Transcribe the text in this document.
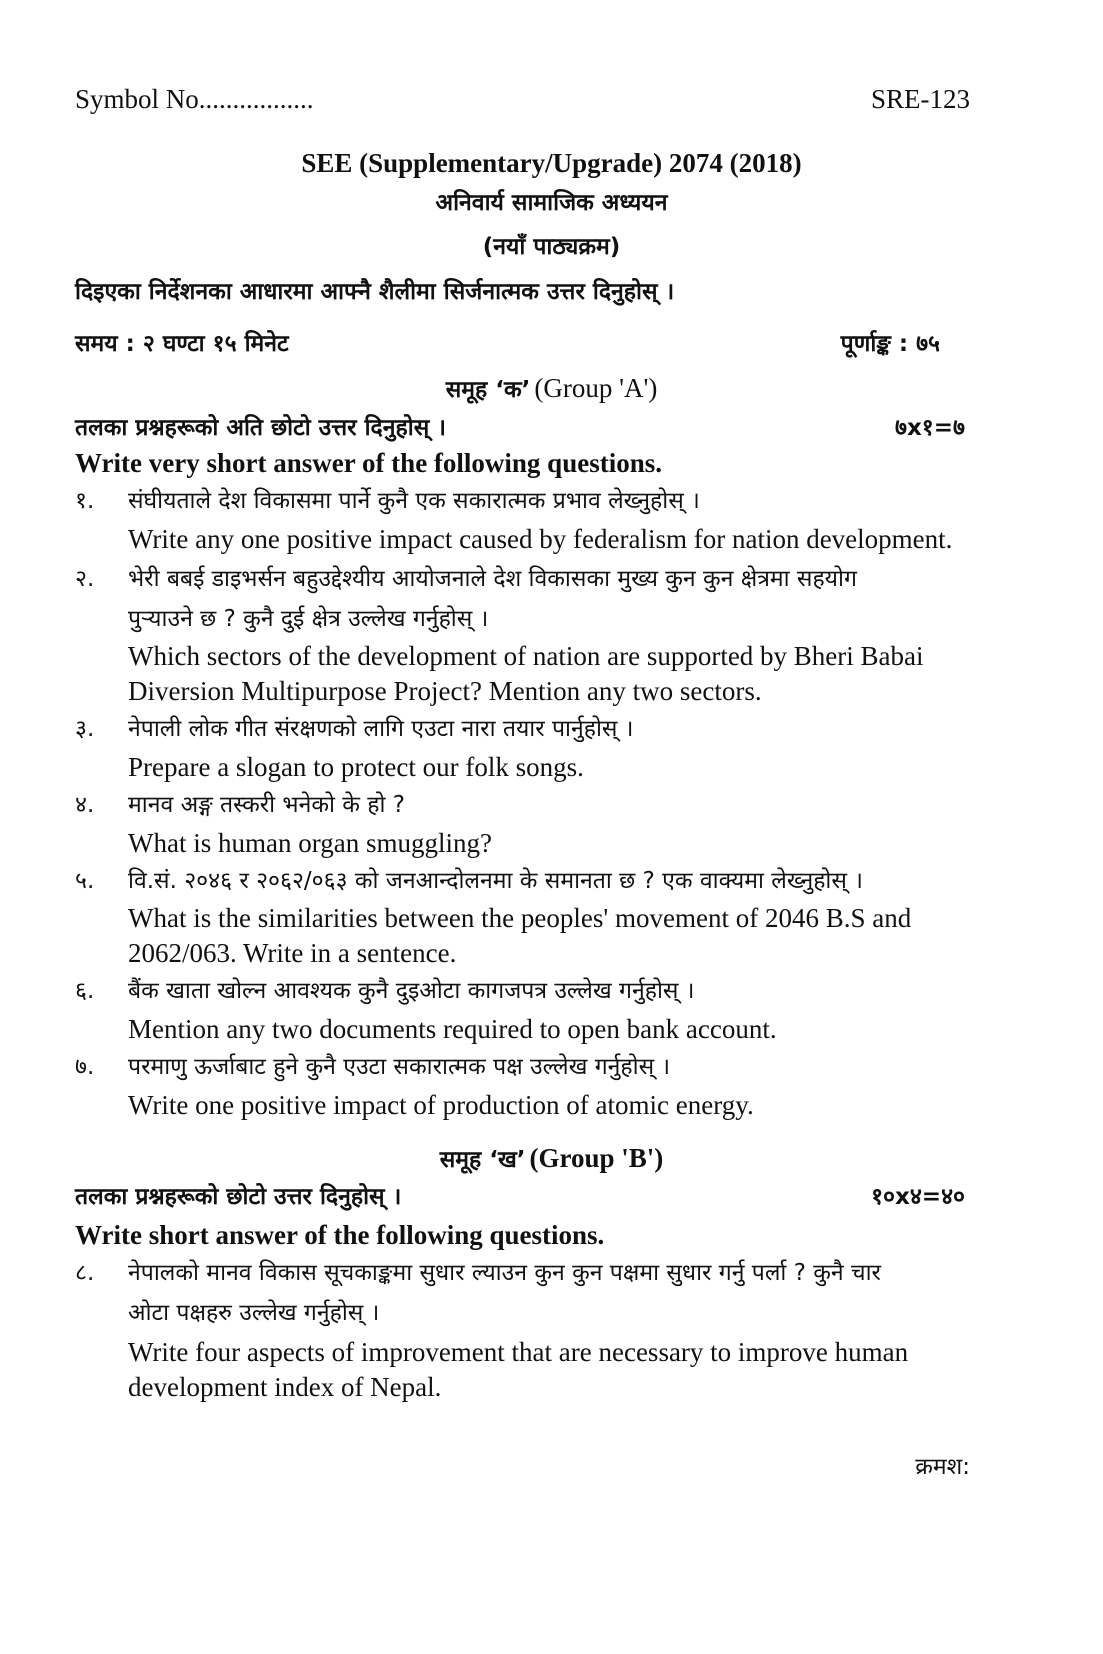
Symbol No.................	SRE-123
SEE (Supplementary/Upgrade) 2074 (2018)
अनिवार्य सामाजिक अध्ययन
(नयाँ पाठ्यक्रम)
दिइएका निर्देशनका आधारमा आफ्नै शैलीमा सिर्जनात्मक उत्तर दिनुहोस् ।
समय : २ घण्टा १५ मिनेट	पूर्णाङ्क : ७५
समूह ‘क’ (Group 'A')
तलका प्रश्नहरूको अति छोटो उत्तर दिनुहोस् ।	७x१=७
Write very short answer of the following questions.
१. संघीयताले देश विकासमा पार्ने कुनै एक सकारात्मक प्रभाव लेख्नुहोस् ।
Write any one positive impact caused by federalism for nation development.
२. भेरी बबई डाइभर्सन बहुउद्देश्यीय आयोजनाले देश विकासका मुख्य कुन कुन क्षेत्रमा सहयोग
पुऱ्याउने छ ? कुनै दुई क्षेत्र उल्लेख गर्नुहोस् ।
Which sectors of the development of nation are supported by Bheri Babai
Diversion Multipurpose Project? Mention any two sectors.
३. नेपाली लोक गीत संरक्षणको लागि एउटा नारा तयार पार्नुहोस् ।
Prepare a slogan to protect our folk songs.
४. मानव अङ्ग तस्करी भनेको के हो ?
What is human organ smuggling?
५. वि.सं. २०४६ र २०६२/०६३ को जनआन्दोलनमा के समानता छ ? एक वाक्यमा लेख्नुहोस् ।
What is the similarities between the peoples' movement of 2046 B.S and
2062/063. Write in a sentence.
६. बैंक खाता खोल्न आवश्यक कुनै दुइओटा कागजपत्र उल्लेख गर्नुहोस् ।
Mention any two documents required to open bank account.
७. परमाणु ऊर्जाबाट हुने कुनै एउटा सकारात्मक पक्ष उल्लेख गर्नुहोस् ।
Write one positive impact of production of atomic energy.
समूह ‘ख’ (Group 'B')
तलका प्रश्नहरूको छोटो उत्तर दिनुहोस् ।	१०x४=४०
Write short answer of the following questions.
८. नेपालको मानव विकास सूचकाङ्कमा सुधार ल्याउन कुन कुन पक्षमा सुधार गर्नु पर्ला ? कुनै चार
ओटा पक्षहरु उल्लेख गर्नुहोस् ।
Write four aspects of improvement that are necessary to improve human
development index of Nepal.
क्रमश:
